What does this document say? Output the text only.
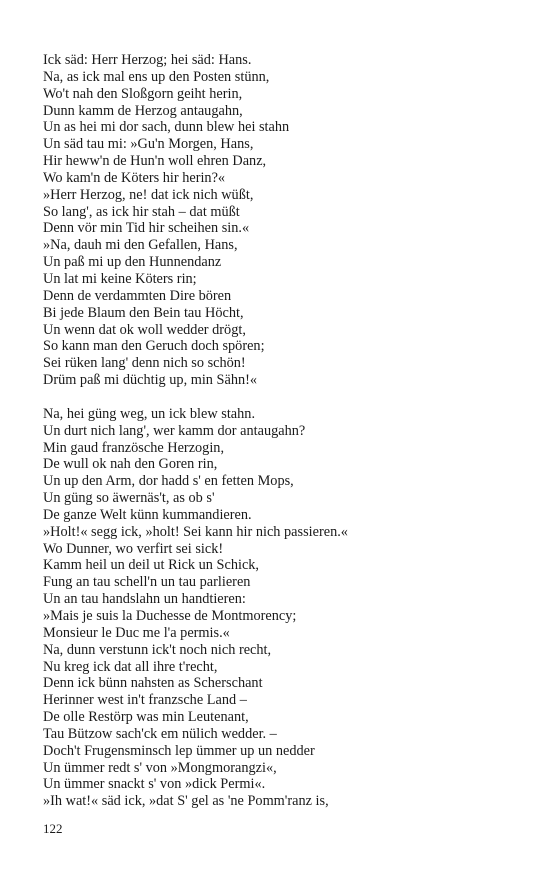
Ick säd: Herr Herzog; hei säd: Hans.
Na, as ick mal ens up den Posten stünn,
Wo't nah den Sloßgorn geiht herin,
Dunn kamm de Herzog antaugahn,
Un as hei mi dor sach, dunn blew hei stahn
Un säd tau mi: »Gu'n Morgen, Hans,
Hir heww'n de Hun'n woll ehren Danz,
Wo kam'n de Köters hir herin?«
»Herr Herzog, ne! dat ick nich wüßt,
So lang', as ick hir stah – dat müßt
Denn vör min Tid hir scheihen sin.«
»Na, dauh mi den Gefallen, Hans,
Un paß mi up den Hunnendanz
Un lat mi keine Köters rin;
Denn de verdammten Dire bören
Bi jede Blaum den Bein tau Höcht,
Un wenn dat ok woll wedder drögt,
So kann man den Geruch doch spören;
Sei rüken lang' denn nich so schön!
Drüm paß mi düchtig up, min Sähn!«
Na, hei güng weg, un ick blew stahn.
Un durt nich lang', wer kamm dor antaugahn?
Min gaud französche Herzogin,
De wull ok nah den Goren rin,
Un up den Arm, dor hadd s' en fetten Mops,
Un güng so äwernäs't, as ob s'
De ganze Welt künn kummandieren.
»Holt!« segg ick, »holt! Sei kann hir nich passieren.«
Wo Dunner, wo verfirt sei sick!
Kamm heil un deil ut Rick un Schick,
Fung an tau schell'n un tau parlieren
Un an tau handslahn un handtieren:
»Mais je suis la Duchesse de Montmorency;
Monsieur le Duc me l'a permis.«
Na, dunn verstunn ick't noch nich recht,
Nu kreg ick dat all ihre t'recht,
Denn ick bünn nahsten as Scherschant
Herinner west in't franzsche Land –
De olle Restörp was min Leutenant,
Tau Bützow sach'ck em nülich wedder. –
Doch't Frugensminsch lep ümmer up un nedder
Un ümmer redt s' von »Mongmorangzi«,
Un ümmer snackt s' von »dick Permi«.
»Ih wat!« säd ick, »dat S' gel as 'ne Pomm'ranz is,
122
